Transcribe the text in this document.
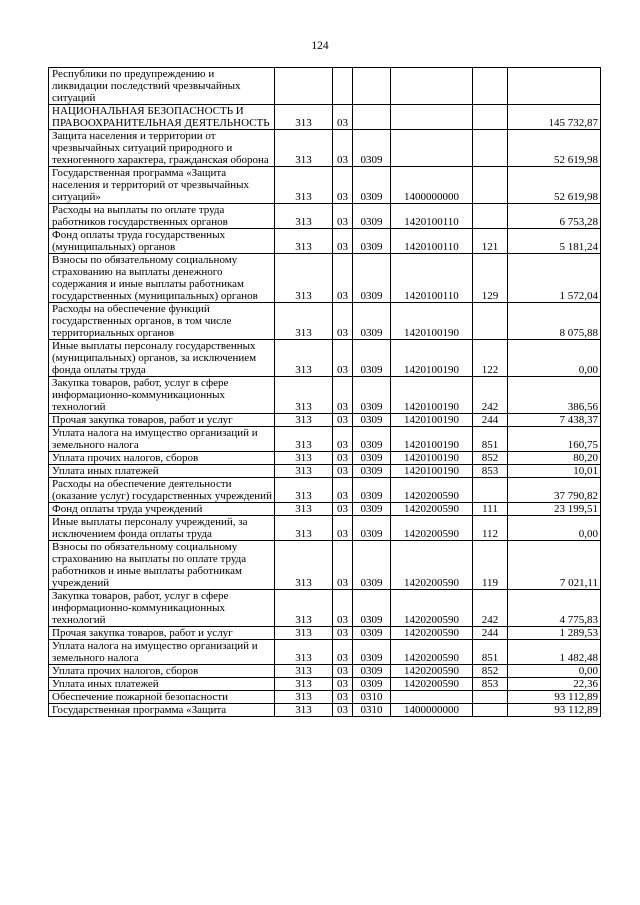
124
Республики по предупреждению и ликвидации последствий чрезвычайных ситуаций						
НАЦИОНАЛЬНАЯ БЕЗОПАСНОСТЬ И ПРАВООХРАНИТЕЛЬНАЯ ДЕЯТЕЛЬНОСТЬ	313	03				145 732,87
Защита населения и территории от чрезвычайных ситуаций природного и техногенного характера, гражданская оборона	313	03	0309			52 619,98
Государственная программа «Защита населения и территорий от чрезвычайных ситуаций»	313	03	0309	1400000000		52 619,98
Расходы на выплаты по оплате труда работников государственных органов	313	03	0309	1420100110		6 753,28
Фонд оплаты труда государственных (муниципальных) органов	313	03	0309	1420100110	121	5 181,24
Взносы по обязательному социальному страхованию на выплаты денежного содержания и иные выплаты работникам государственных (муниципальных) органов	313	03	0309	1420100110	129	1 572,04
Расходы на обеспечение функций государственных органов, в том числе территориальных органов	313	03	0309	1420100190		8 075,88
Иные выплаты персоналу государственных (муниципальных) органов, за исключением фонда оплаты труда	313	03	0309	1420100190	122	0,00
Закупка товаров, работ, услуг в сфере информационно-коммуникационных технологий	313	03	0309	1420100190	242	386,56
Прочая закупка товаров, работ и услуг	313	03	0309	1420100190	244	7 438,37
Уплата налога на имущество организаций и земельного налога	313	03	0309	1420100190	851	160,75
Уплата прочих налогов, сборов	313	03	0309	1420100190	852	80,20
Уплата иных платежей	313	03	0309	1420100190	853	10,01
Расходы на обеспечение деятельности (оказание услуг) государственных учреждений	313	03	0309	1420200590		37 790,82
Фонд оплаты труда учреждений	313	03	0309	1420200590	111	23 199,51
Иные выплаты персоналу учреждений, за исключением фонда оплаты труда	313	03	0309	1420200590	112	0,00
Взносы по обязательному социальному страхованию на выплаты по оплате труда работников и иные выплаты работникам учреждений	313	03	0309	1420200590	119	7 021,11
Закупка товаров, работ, услуг в сфере информационно-коммуникационных технологий	313	03	0309	1420200590	242	4 775,83
Прочая закупка товаров, работ и услуг	313	03	0309	1420200590	244	1 289,53
Уплата налога на имущество организаций и земельного налога	313	03	0309	1420200590	851	1 482,48
Уплата прочих налогов, сборов	313	03	0309	1420200590	852	0,00
Уплата иных платежей	313	03	0309	1420200590	853	22,36
Обеспечение пожарной безопасности	313	03	0310			93 112,89
Государственная программа «Защита	313	03	0310	1400000000		93 112,89
